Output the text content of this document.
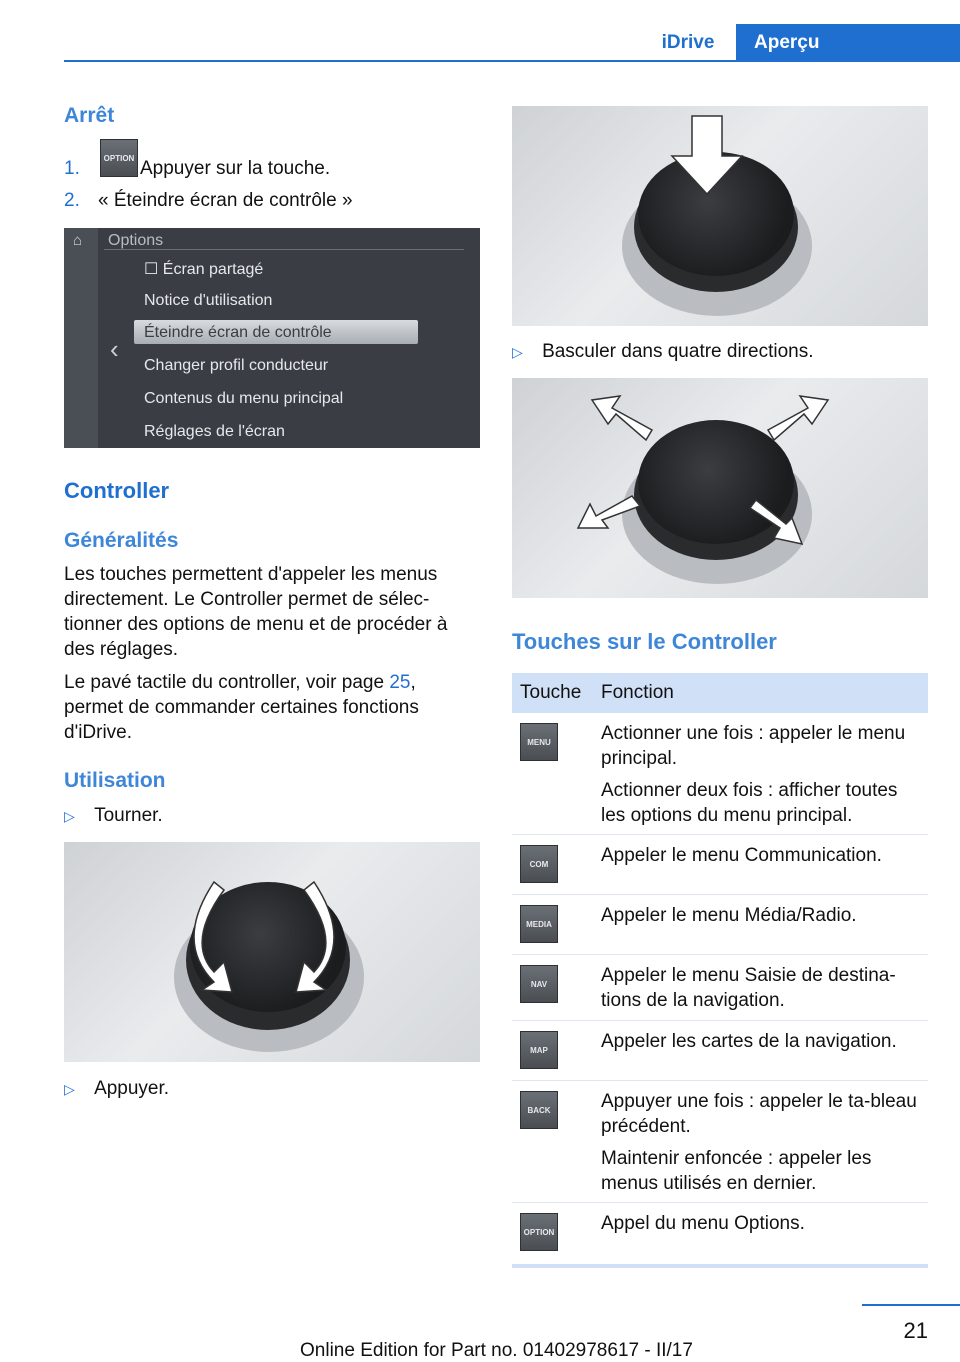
iDrive	Aperçu
Arrêt
1.	OPTION Appuyer sur la touche.
2. « Éteindre écran de contrôle »
⌂ Options
‹
☐ Écran partagé
Notice d'utilisation
Éteindre écran de contrôle
Changer profil conducteur
Contenus du menu principal
Réglages de l'écran
Controller
Généralités
Les touches permettent d'appeler les menus directement. Le Controller permet de sélec‐tionner des options de menu et de procéder à des réglages.
Le pavé tactile du controller, voir page 25, permet de commander certaines fonctions d'iDrive.
Utilisation
▷ Tourner.
▷ Appuyer.
▷ Basculer dans quatre directions.
Touches sur le Controller
Touche Fonction
MENU	Actionner une fois : appeler le menu principal.
Actionner deux fois : afficher toutes les options du menu principal.
COM	Appeler le menu Communication.
MEDIA	Appeler le menu Média/Radio.
NAV	Appeler le menu Saisie de destina‐tions de la navigation.
MAP	Appeler les cartes de la navigation.
BACK	Appuyer une fois : appeler le ta‐bleau précédent.
Maintenir enfoncée : appeler les menus utilisés en dernier.
OPTION Appel du menu Options.
21
Online Edition for Part no. 01402978617 - II/17
